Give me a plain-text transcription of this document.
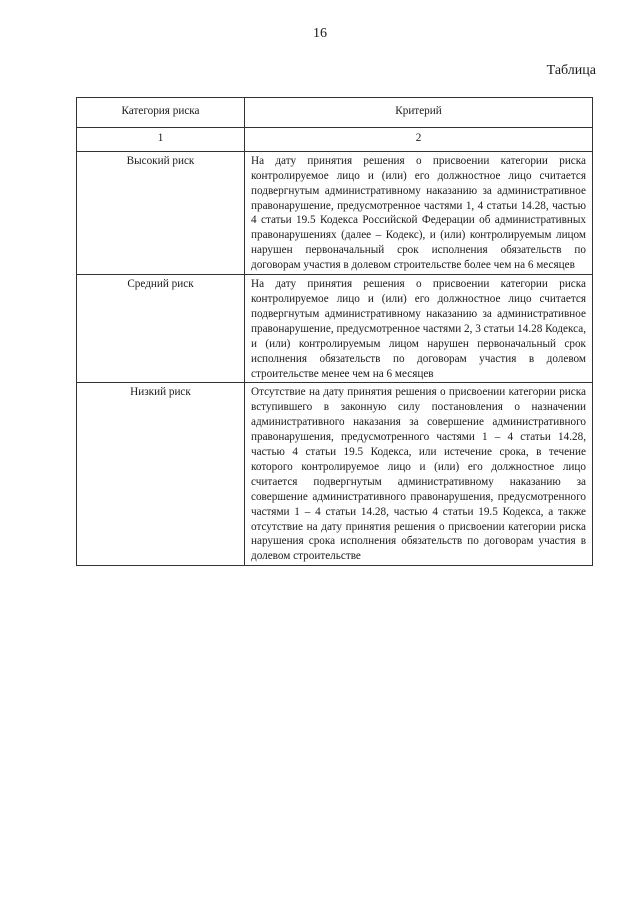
16
Таблица
Категория риска	Критерий
1	2
Высокий риск	На дату принятия решения о присвоении категории риска контролируемое лицо и (или) его должностное лицо считается подвергнутым административному наказанию за административное правонарушение, предусмотренное частями 1, 4 статьи 14.28, частью 4 статьи 19.5 Кодекса Российской Федерации об административных правонарушениях (далее – Кодекс), и (или) контролируемым лицом нарушен первоначальный срок исполнения обязательств по договорам участия в долевом строительстве более чем на 6 месяцев
Средний риск	На дату принятия решения о присвоении категории риска контролируемое лицо и (или) его должностное лицо считается подвергнутым административному наказанию за административное правонарушение, предусмотренное частями 2, 3 статьи 14.28 Кодекса, и (или) контролируемым лицом нарушен первоначальный срок исполнения обязательств по договорам участия в долевом строительстве менее чем на 6 месяцев
Низкий риск	Отсутствие на дату принятия решения о присвоении категории риска вступившего в законную силу постановления о назначении административного наказания за совершение административного правонарушения, предусмотренного частями 1 – 4 статьи 14.28, частью 4 статьи 19.5 Кодекса, или истечение срока, в течение которого контролируемое лицо и (или) его должностное лицо считается подвергнутым административному наказанию за совершение административного правонарушения, предусмотренного частями 1 – 4 статьи 14.28, частью 4 статьи 19.5 Кодекса, а также отсутствие на дату принятия решения о присвоении категории риска нарушения срока исполнения обязательств по договорам участия в долевом строительстве
